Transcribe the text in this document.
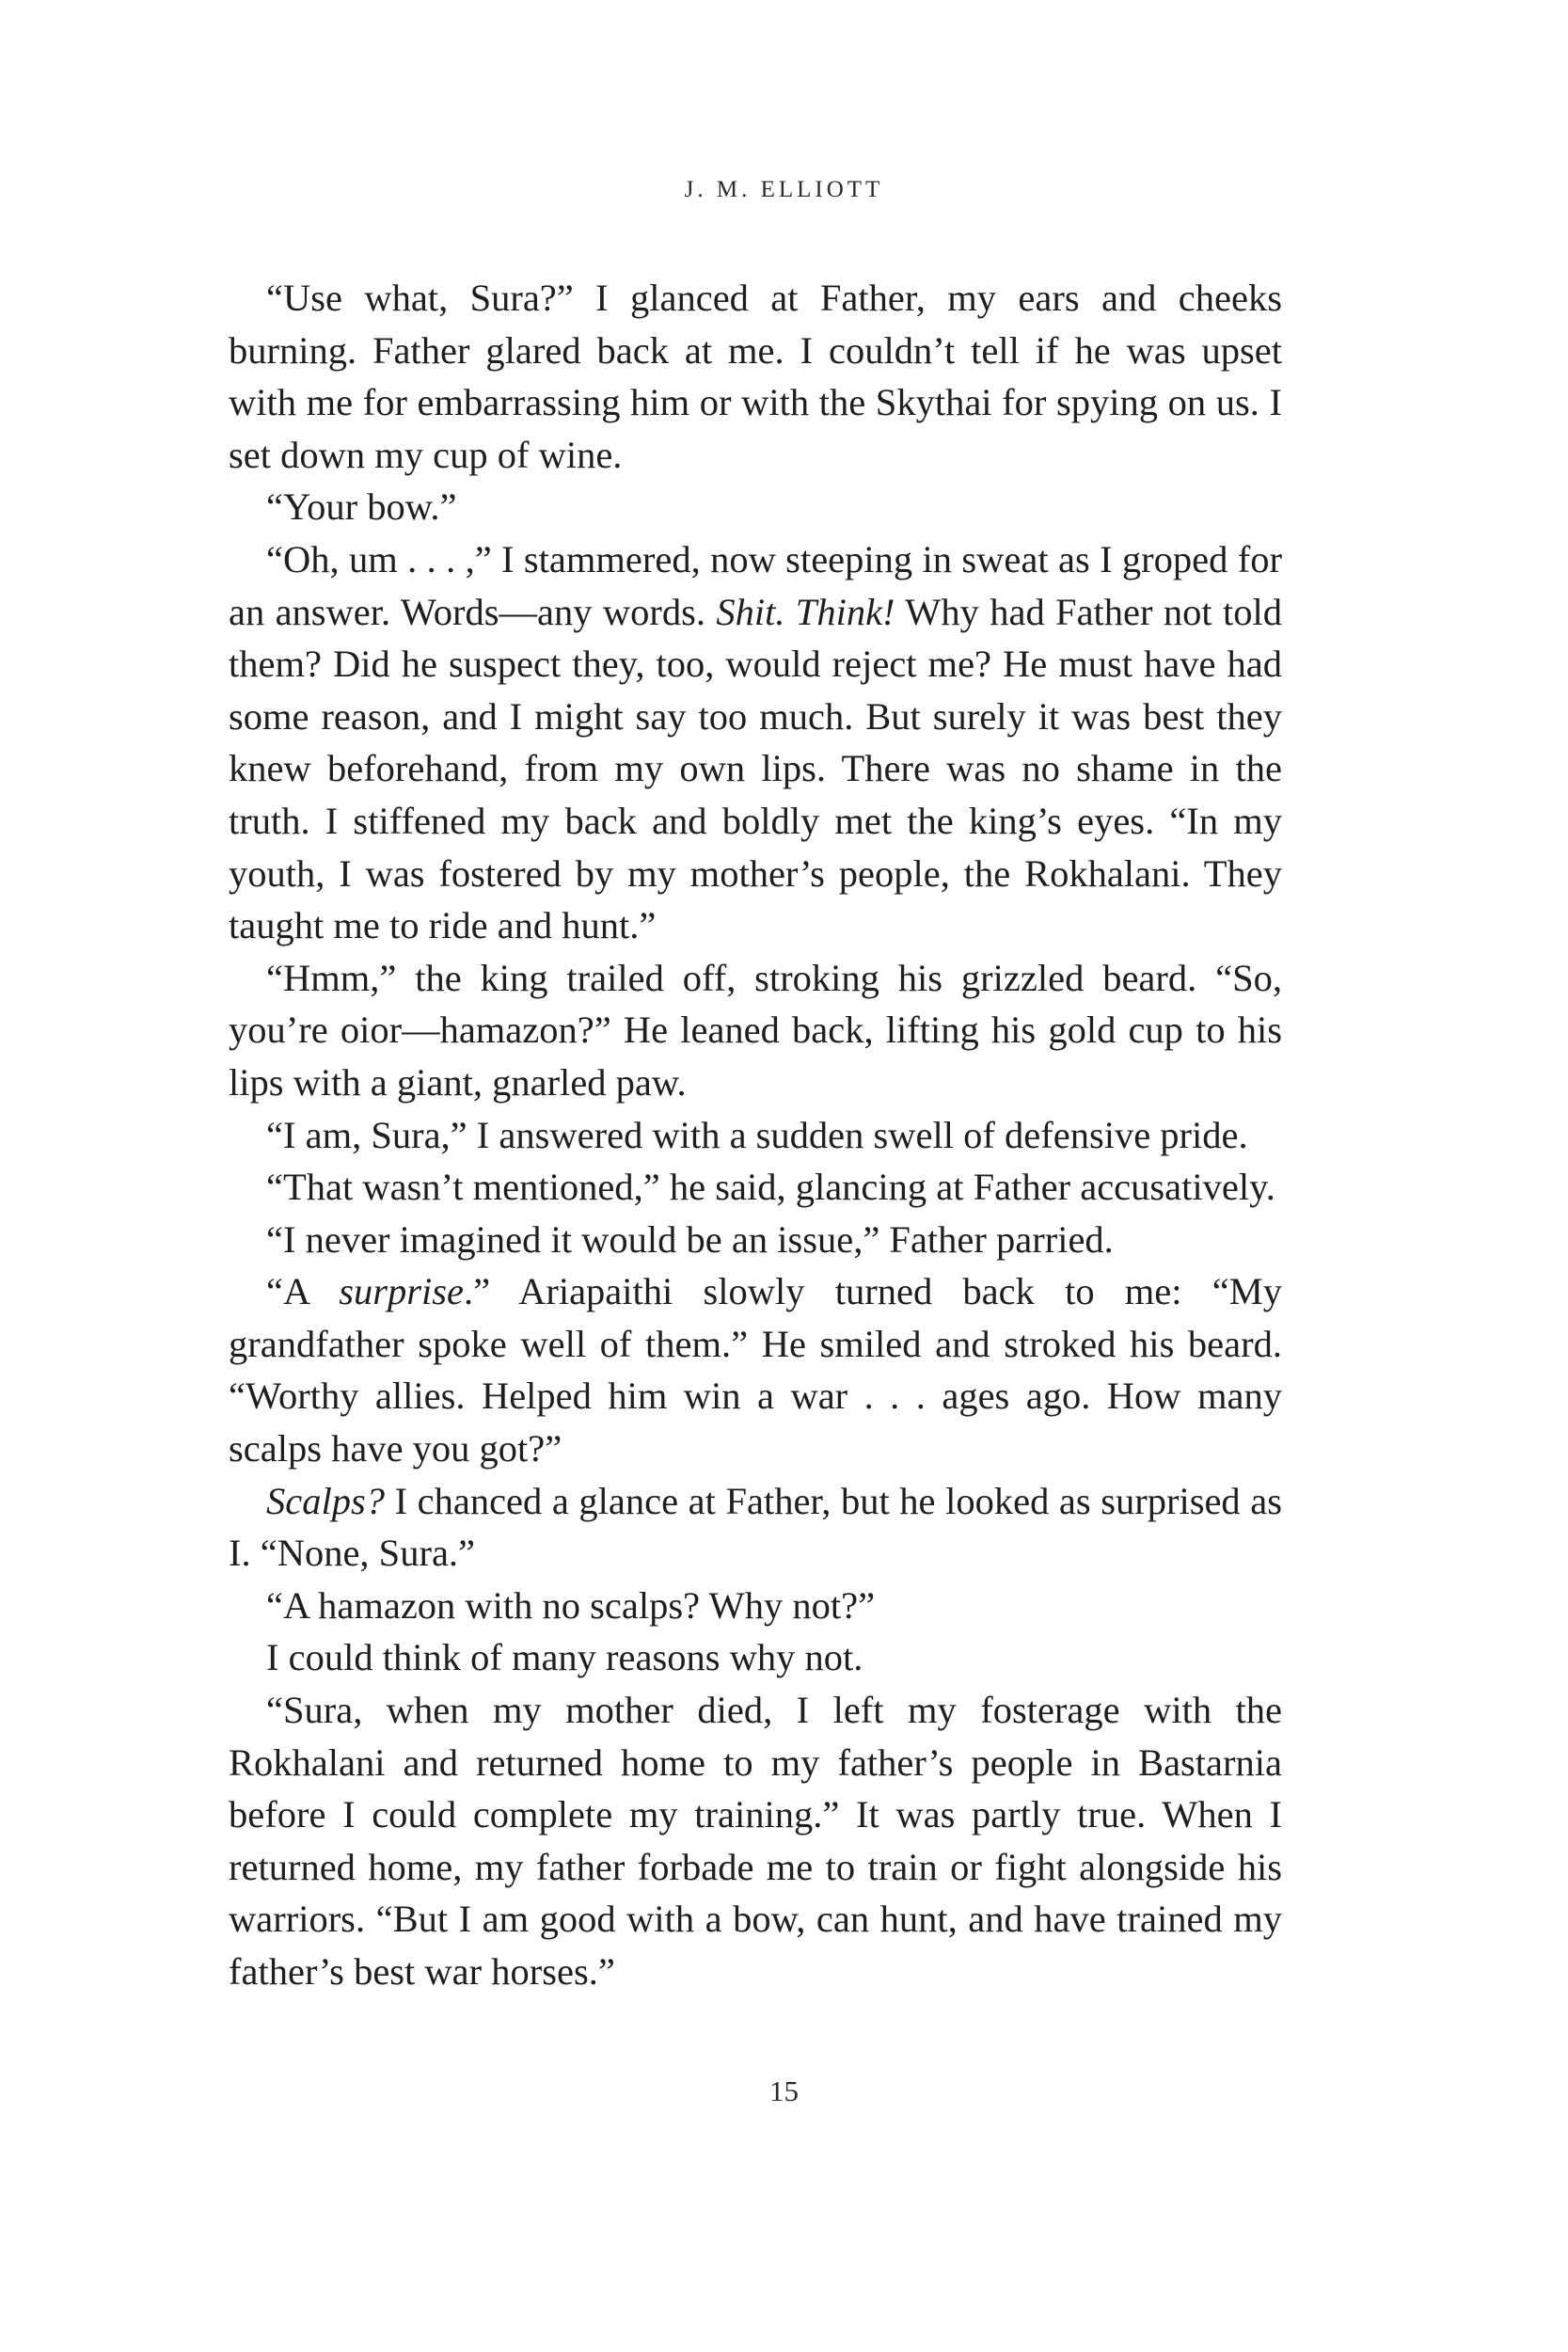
J. M. ELLIOTT

“Use what, Sura?” I glanced at Father, my ears and cheeks burning. Father glared back at me. I couldn’t tell if he was upset with me for embarrassing him or with the Skythai for spying on us. I set down my cup of wine.

“Your bow.”

“Oh, um . . . ,” I stammered, now steeping in sweat as I groped for an answer. Words—any words. Shit. Think! Why had Father not told them? Did he suspect they, too, would reject me? He must have had some reason, and I might say too much. But surely it was best they knew beforehand, from my own lips. There was no shame in the truth. I stiffened my back and boldly met the king’s eyes. “In my youth, I was fostered by my mother’s people, the Rokhalani. They taught me to ride and hunt.”

“Hmm,” the king trailed off, stroking his grizzled beard. “So, you’re oior—hamazon?” He leaned back, lifting his gold cup to his lips with a giant, gnarled paw.

“I am, Sura,” I answered with a sudden swell of defensive pride.

“That wasn’t mentioned,” he said, glancing at Father accusatively.

“I never imagined it would be an issue,” Father parried.

“A surprise.” Ariapaithi slowly turned back to me: “My grandfather spoke well of them.” He smiled and stroked his beard. “Worthy allies. Helped him win a war . . . ages ago. How many scalps have you got?”

Scalps? I chanced a glance at Father, but he looked as surprised as I. “None, Sura.”

“A hamazon with no scalps? Why not?”

I could think of many reasons why not.

“Sura, when my mother died, I left my fosterage with the Rokhalani and returned home to my father’s people in Bastarnia before I could complete my training.” It was partly true. When I returned home, my father forbade me to train or fight alongside his warriors. “But I am good with a bow, can hunt, and have trained my father’s best war horses.”

15
